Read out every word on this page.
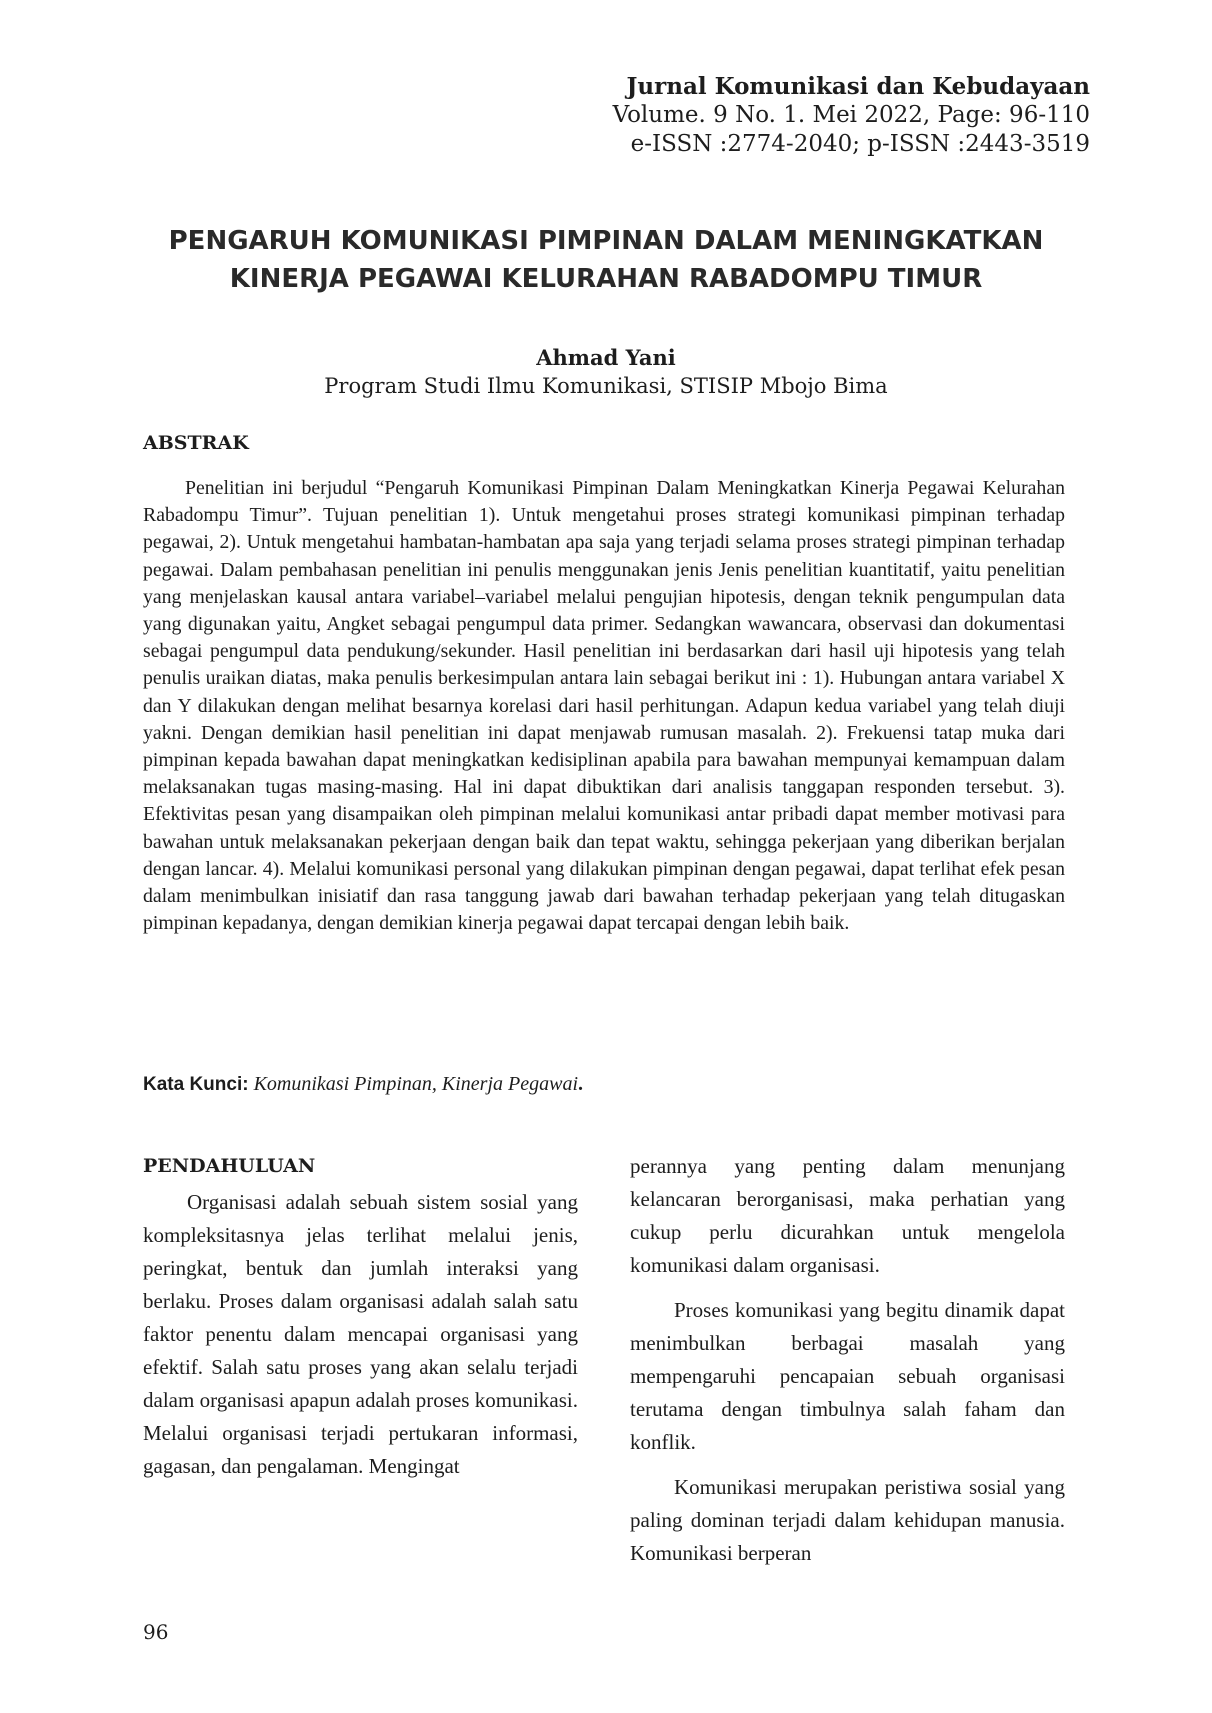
Jurnal Komunikasi dan Kebudayaan
Volume. 9 No. 1. Mei 2022, Page: 96-110
e-ISSN :2774-2040; p-ISSN :2443-3519
PENGARUH KOMUNIKASI PIMPINAN DALAM MENINGKATKAN
KINERJA PEGAWAI KELURAHAN RABADOMPU TIMUR
Ahmad Yani
Program Studi Ilmu Komunikasi, STISIP Mbojo Bima
ABSTRAK
Penelitian ini berjudul “Pengaruh Komunikasi Pimpinan Dalam Meningkatkan Kinerja Pegawai Kelurahan Rabadompu Timur”. Tujuan penelitian 1). Untuk mengetahui proses strategi komunikasi pimpinan terhadap pegawai, 2). Untuk mengetahui hambatan-hambatan apa saja yang terjadi selama proses strategi pimpinan terhadap pegawai. Dalam pembahasan penelitian ini penulis menggunakan jenis Jenis penelitian kuantitatif, yaitu penelitian yang menjelaskan kausal antara variabel–variabel melalui pengujian hipotesis, dengan teknik pengumpulan data yang digunakan yaitu, Angket sebagai pengumpul data primer. Sedangkan wawancara, observasi dan dokumentasi sebagai pengumpul data pendukung/sekunder. Hasil penelitian ini berdasarkan dari hasil uji hipotesis yang telah penulis uraikan diatas, maka penulis berkesimpulan antara lain sebagai berikut ini : 1). Hubungan antara variabel X dan Y dilakukan dengan melihat besarnya korelasi dari hasil perhitungan. Adapun kedua variabel yang telah diuji yakni. Dengan demikian hasil penelitian ini dapat menjawab rumusan masalah. 2). Frekuensi tatap muka dari pimpinan kepada bawahan dapat meningkatkan kedisiplinan apabila para bawahan mempunyai kemampuan dalam melaksanakan tugas masing-masing. Hal ini dapat dibuktikan dari analisis tanggapan responden tersebut. 3). Efektivitas pesan yang disampaikan oleh pimpinan melalui komunikasi antar pribadi dapat member motivasi para bawahan untuk melaksanakan pekerjaan dengan baik dan tepat waktu, sehingga pekerjaan yang diberikan berjalan dengan lancar. 4). Melalui komunikasi personal yang dilakukan pimpinan dengan pegawai, dapat terlihat efek pesan dalam menimbulkan inisiatif dan rasa tanggung jawab dari bawahan terhadap pekerjaan yang telah ditugaskan pimpinan kepadanya, dengan demikian kinerja pegawai dapat tercapai dengan lebih baik.
Kata Kunci: Komunikasi Pimpinan, Kinerja Pegawai.
PENDAHULUAN

Organisasi adalah sebuah sistem sosial yang kompleksitasnya jelas terlihat melalui jenis, peringkat, bentuk dan jumlah interaksi yang berlaku. Proses dalam organisasi adalah salah satu faktor penentu dalam mencapai organisasi yang efektif. Salah satu proses yang akan selalu terjadi dalam organisasi apapun adalah proses komunikasi. Melalui organisasi terjadi pertukaran informasi, gagasan, dan pengalaman. Mengingat

perannya yang penting dalam menunjang kelancaran berorganisasi, maka perhatian yang cukup perlu dicurahkan untuk mengelola komunikasi dalam organisasi.

Proses komunikasi yang begitu dinamik dapat menimbulkan berbagai masalah yang mempengaruhi pencapaian sebuah organisasi terutama dengan timbulnya salah faham dan konflik.

Komunikasi merupakan peristiwa sosial yang paling dominan terjadi dalam kehidupan manusia. Komunikasi berperan

96
